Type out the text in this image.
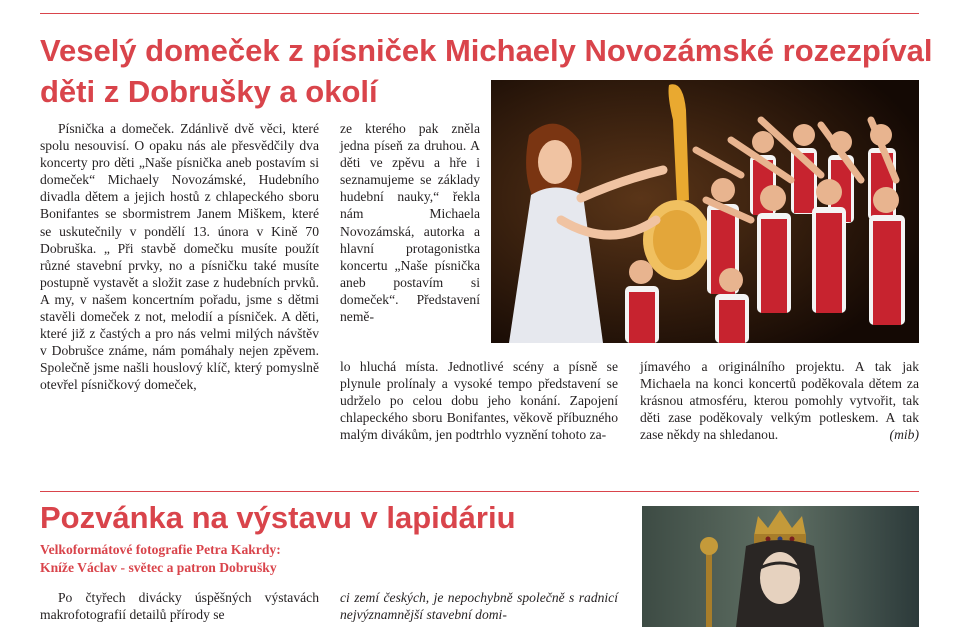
Veselý domeček z písniček Michaely Novozámské rozezpíval
děti z Dobrušky a okolí

Písnička a domeček. Zdánlivě dvě věci, které spolu nesouvisí. O opaku nás ale přesvědčily dva koncerty pro děti „Naše písnička aneb postavím si domeček“ Michaely Novozámské, Hudebního divadla dětem a jejich hostů z chlapeckého sboru Bonifantes se sbormistrem Janem Miškem, které se uskutečnily v pondělí 13. února v Kině 70 Dobruška. „ Při stavbě domečku musíte použít různé stavební prvky, no a písničku také musíte postupně vystavět a složit zase z hudebních prvků. A my, v našem koncertním pořadu, jsme s dětmi stavěli domeček z not, melodií a písniček. A děti, které již z častých a pro nás velmi milých návštěv v Dobrušce známe, nám pomáhaly nejen zpěvem. Společně jsme našli houslový klíč, který pomyslně otevřel písničkový domeček,

ze kterého pak zněla jedna píseň za druhou. A děti ve zpěvu a hře i seznamujeme se základy hudební nauky,“ řekla nám Michaela Novozámská, autorka a hlavní protagonistka koncertu „Naše písnička aneb postavím si domeček“. Představení nemě-

lo hluchá místa. Jednotlivé scény a písně se plynule prolínaly a vysoké tempo představení se udrželo po celou dobu jeho konání. Zapojení chlapeckého sboru Bonifantes, věkově příbuzného malým divákům, jen podtrhlo vyznění tohoto za-

jímavého a originálního projektu. A tak jak Michaela na konci koncertů poděkovala dětem za krásnou atmosféru, kterou pomohly vytvořit, tak děti zase poděkovaly velkým potleskem. A tak zase někdy na shledanou.	(mib)

Pozvánka na výstavu v lapidáriu
Velkoformátové fotografie Petra Kakrdy:
Kníže Václav - světec a patron Dobrušky

Po čtyřech divácky úspěšných výstavách makrofotografií detailů přírody se

ci zemí českých, je nepochybně společně s radnicí nejvýznamnější stavební domi-
